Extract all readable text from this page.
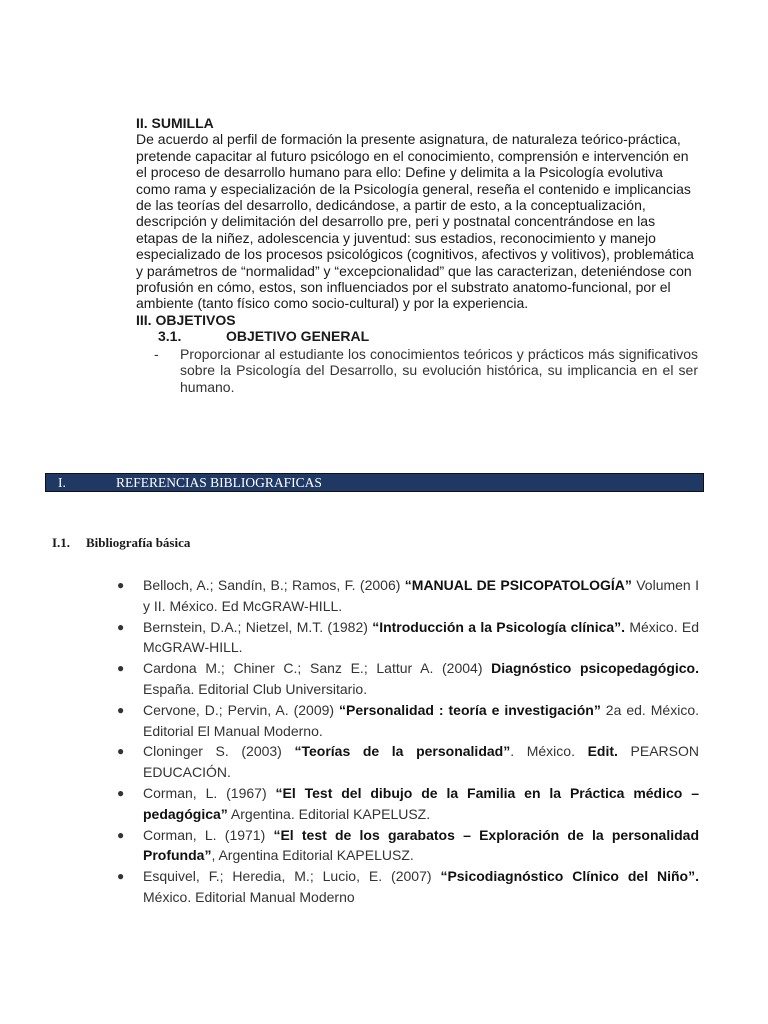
II. SUMILLA

De acuerdo al perfil de formación la presente asignatura, de naturaleza teórico-práctica, pretende capacitar al futuro psicólogo en el conocimiento, comprensión e intervención en el proceso de desarrollo humano para ello: Define y delimita a la Psicología evolutiva como rama y especialización de la Psicología general, reseña el contenido e implicancias de las teorías del desarrollo, dedicándose, a partir de esto, a la conceptualización, descripción y delimitación del desarrollo pre, peri y postnatal concentrándose en las etapas de la niñez, adolescencia y juventud: sus estadios, reconocimiento y manejo especializado de los procesos psicológicos (cognitivos, afectivos y volitivos), problemática y parámetros de “normalidad” y “excepcionalidad” que las caracterizan, deteniéndose con profusión en cómo, estos, son influenciados por el substrato anatomo-funcional, por el ambiente (tanto físico como socio-cultural) y por la experiencia.

III. OBJETIVOS
3.1.	OBJETIVO GENERAL
-	Proporcionar al estudiante los conocimientos teóricos y prácticos más significativos sobre la Psicología del Desarrollo, su evolución histórica, su implicancia en el ser humano.
I.	REFERENCIAS BIBLIOGRAFICAS
I.1. Bibliografía básica
●	Belloch, A.; Sandín, B.; Ramos, F. (2006) “MANUAL DE PSICOPATOLOGÍA” Volumen I y II. México. Ed McGRAW-HILL.
●	Bernstein, D.A.; Nietzel, M.T. (1982) “Introducción a la Psicología clínica”. México. Ed McGRAW-HILL.
●	Cardona M.; Chiner C.; Sanz E.; Lattur A. (2004) Diagnóstico psicopedagógico. España. Editorial Club Universitario.
●	Cervone, D.; Pervin, A. (2009) “Personalidad : teoría e investigación” 2a ed. México. Editorial El Manual Moderno.
●	Cloninger S. (2003) “Teorías de la personalidad”. México. Edit. PEARSON EDUCACIÓN.
●	Corman, L. (1967) “El Test del dibujo de la Familia en la Práctica médico – pedagógica” Argentina. Editorial KAPELUSZ.
●	Corman, L. (1971) “El test de los garabatos – Exploración de la personalidad Profunda”, Argentina Editorial KAPELUSZ.
●	Esquivel, F.; Heredia, M.; Lucio, E. (2007) “Psicodiagnóstico Clínico del Niño”. México. Editorial Manual Moderno
